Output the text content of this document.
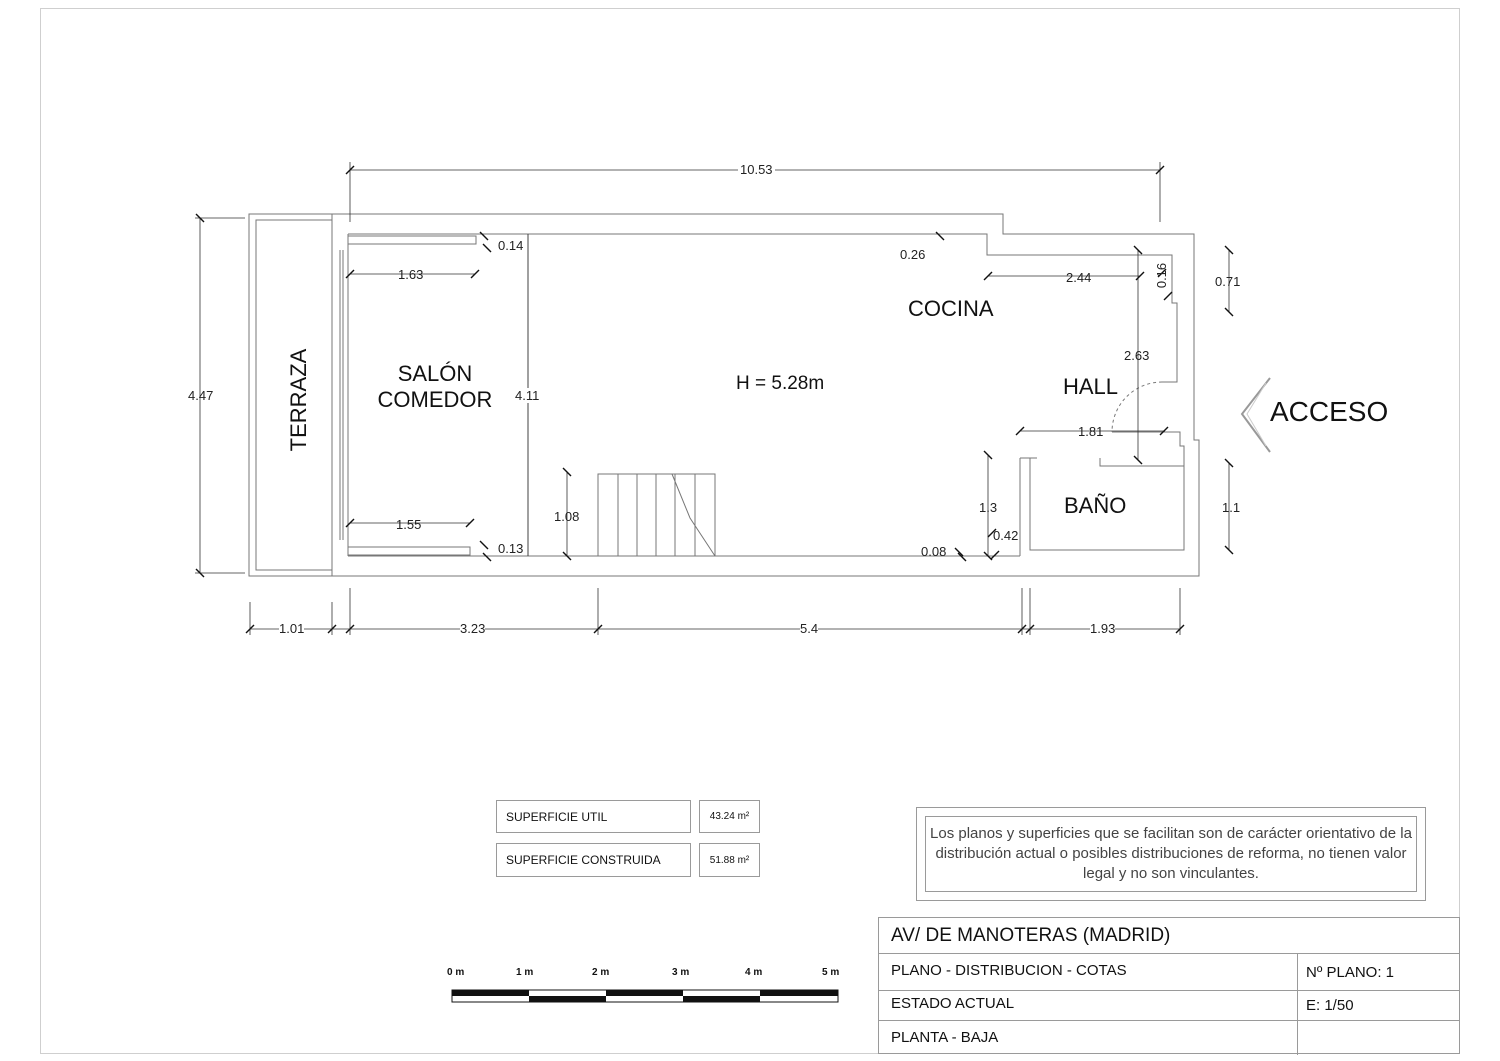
TERRAZA	SALÓN
COMEDOR
H = 5.28m
COCINA
HALL
BAÑO
ACCESO
10.53
4.47	4.11
0.14
1.63
0.26
2.44	0.16	0.71
2.63
1.81
1.3
0.42
1.1
1.08
1.55
0.13	0.08
1.01	3.23	5.4	1.93
SUPERFICIE UTIL	43.24 m²
SUPERFICIE CONSTRUIDA	51.88 m²
Los planos y superficies que se facilitan son de carácter orientativo de la distribución actual o posibles distribuciones de reforma, no tienen valor legal y no son vinculantes.
0 m	1 m	2 m	3 m	4 m	5 m
AV/ DE MANOTERAS (MADRID)
PLANO - DISTRIBUCION - COTAS	Nº PLANO: 1
ESTADO ACTUAL	E: 1/50
PLANTA - BAJA
